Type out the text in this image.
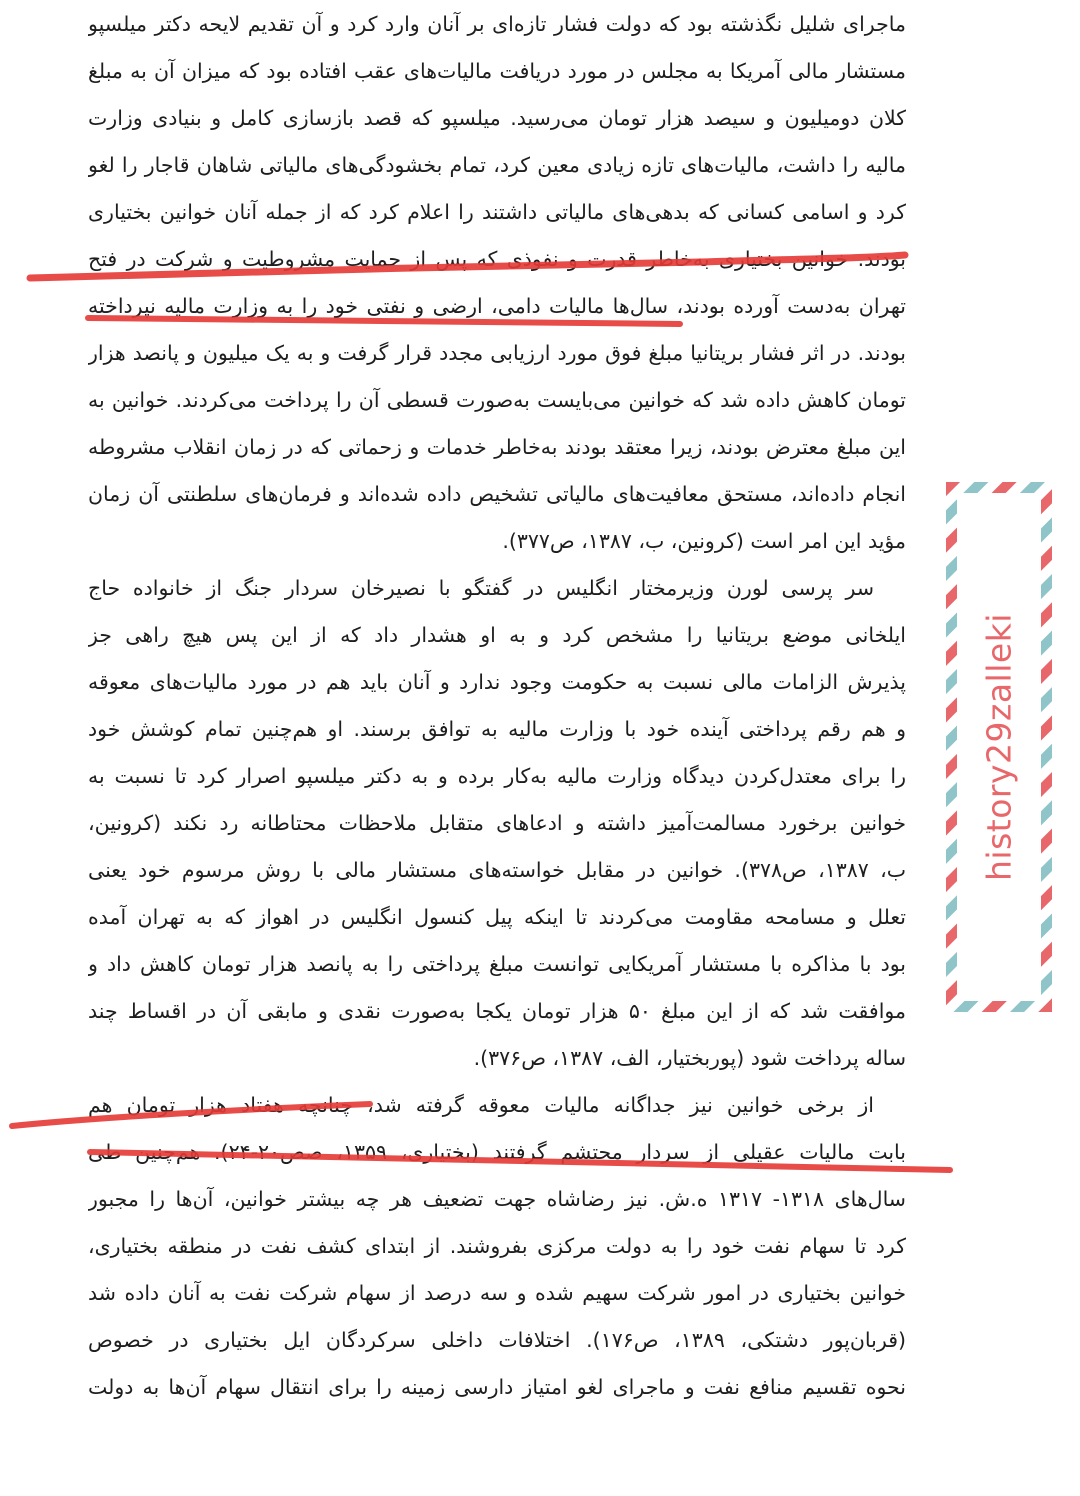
ماجرای شلیل نگذشته بود که دولت فشار تازه‌ای بر آنان وارد کرد و آن تقدیم لایحه دکتر میلسپو
مستشار مالی آمریکا به مجلس در مورد دریافت مالیات‌های عقب افتاده بود که میزان آن به مبلغ
کلان دومیلیون و سیصد هزار تومان می‌رسید. میلسپو که قصد بازسازی کامل و بنیادی وزارت
مالیه را داشت، مالیات‌های تازه زیادی معین کرد، تمام بخشودگی‌های مالیاتی شاهان قاجار را لغو
کرد و اسامی کسانی که بدهی‌های مالیاتی داشتند را اعلام کرد که از جمله آنان خوانین بختیاری
بودند. خوانین بختیاری به‌خاطر قدرت و نفوذی که پس از حمایت مشروطیت و شرکت در فتح
تهران به‌دست آورده بودند، سال‌ها مالیات دامی، ارضی و نفتی خود را به وزارت مالیه نپرداخته
بودند. در اثر فشار بریتانیا مبلغ فوق مورد ارزیابی مجدد قرار گرفت و به یک میلیون و پانصد هزار
تومان کاهش داده شد که خوانین می‌بایست به‌صورت قسطی آن را پرداخت می‌کردند. خوانین به
این مبلغ معترض بودند، زیرا معتقد بودند به‌خاطر خدمات و زحماتی که در زمان انقلاب مشروطه
انجام داده‌اند، مستحق معافیت‌های مالیاتی تشخیص داده شده‌اند و فرمان‌های سلطنتی آن زمان
مؤید این امر است (کرونین، ب، ۱۳۸۷، ص۳۷۷).
سر پرسی لورن وزیرمختار انگلیس در گفتگو با نصیرخان سردار جنگ از خانواده حاج
ایلخانی موضع بریتانیا را مشخص کرد و به او هشدار داد که از این پس هیچ راهی جز
پذیرش الزامات مالی نسبت به حکومت وجود ندارد و آنان باید هم در مورد مالیات‌های معوقه
و هم رقم پرداختی آینده خود با وزارت مالیه به توافق برسند. او هم‌چنین تمام کوشش خود
را برای معتدل‌کردن دیدگاه وزارت مالیه به‌کار برده و به دکتر میلسپو اصرار کرد تا نسبت به
خوانین برخورد مسالمت‌آمیز داشته و ادعاهای متقابل ملاحظات محتاطانه رد نکند (کرونین،
ب، ۱۳۸۷، ص۳۷۸). خوانین در مقابل خواسته‌های مستشار مالی با روش مرسوم خود یعنی
تعلل و مسامحه مقاومت می‌کردند تا اینکه پیل کنسول انگلیس در اهواز که به تهران آمده
بود با مذاکره با مستشار آمریکایی توانست مبلغ پرداختی را به پانصد هزار تومان کاهش داد و
موافقت شد که از این مبلغ ۵۰ هزار تومان یکجا به‌صورت نقدی و مابقی آن در اقساط چند
ساله پرداخت شود (پوربختیار، الف، ۱۳۸۷، ص۳۷۶).
از برخی خوانین نیز جداگانه مالیات معوقه گرفته شد، چنانچه هفتاد هزار تومان هم
بابت مالیات عقیلی از سردار محتشم گرفتند (بختیاری، ۱۳۵۹، صص۲۰-۲۴). هم‌چنین طی
سال‌های ۱۳۱۸- ۱۳۱۷ ه.ش. نیز رضاشاه جهت تضعیف هر چه بیشتر خوانین، آن‌ها را مجبور
کرد تا سهام نفت خود را به دولت مرکزی بفروشند. از ابتدای کشف نفت در منطقه بختیاری،
خوانین بختیاری در امور شرکت سهیم شده و سه درصد از سهام شرکت نفت به آنان داده شد
(قربان‌پور دشتکی، ۱۳۸۹، ص۱۷۶). اختلافات داخلی سرکردگان ایل بختیاری در خصوص
نحوه تقسیم منافع نفت و ماجرای لغو امتیاز دارسی زمینه را برای انتقال سهام آن‌ها به دولت
history29zalleki
